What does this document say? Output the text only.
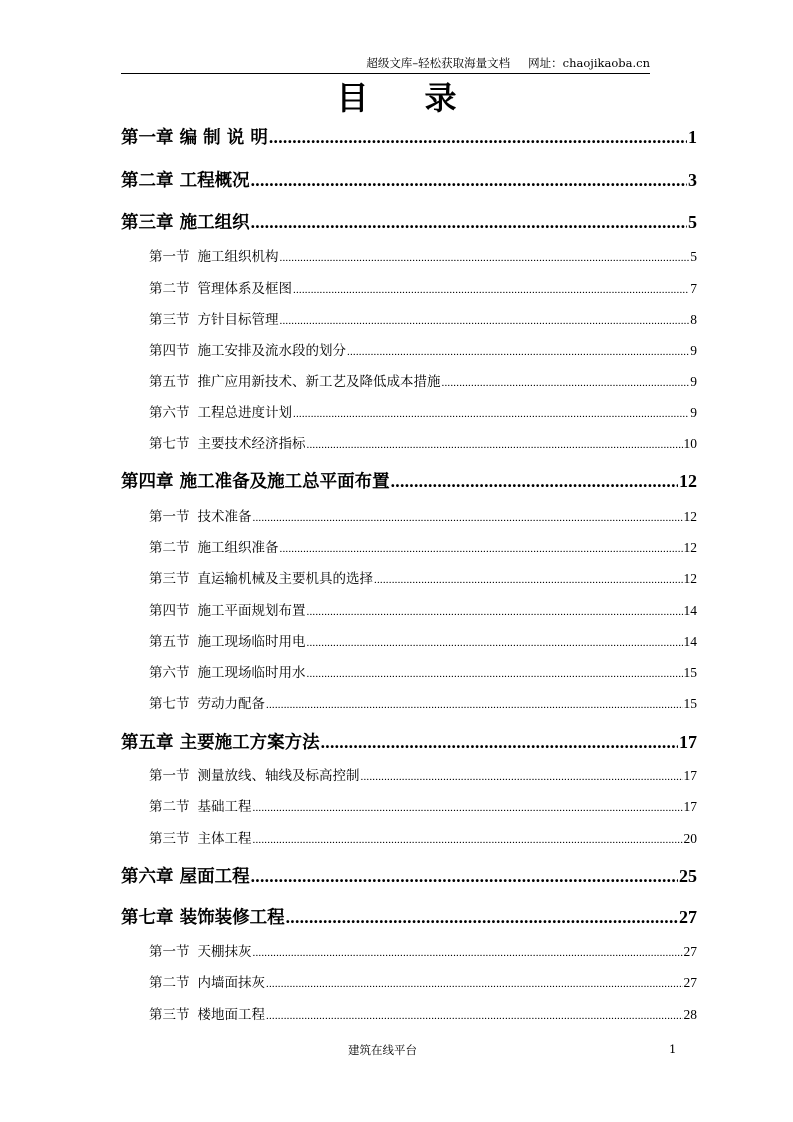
超级文库–轻松获取海量文档 网址：chaojikaoba.cn
目 录
第一章 编 制 说 明 .....	1
第二章 工程概况 .....	3
第三章 施工组织 .....	5
第一节 施工组织机构 .....	5
第二节 管理体系及框图 .....	7
第三节 方针目标管理 .....	8
第四节 施工安排及流水段的划分 .....	9
第五节 推广应用新技术、新工艺及降低成本措施 .....	9
第六节 工程总进度计划 .....	9
第七节 主要技术经济指标 .....	10
第四章 施工准备及施工总平面布置 .....	12
第一节 技术准备 .....	12
第二节 施工组织准备 .....	12
第三节 直运输机械及主要机具的选择 .....	12
第四节 施工平面规划布置 .....	14
第五节 施工现场临时用电 .....	14
第六节 施工现场临时用水 .....	15
第七节 劳动力配备 .....	15
第五章 主要施工方案方法 .....	17
第一节 测量放线、轴线及标高控制 .....	17
第二节 基础工程 .....	17
第三节 主体工程 .....	20
第六章 屋面工程 .....	25
第七章 装饰装修工程 .....	27
第一节 天棚抹灰 .....	27
第二节 内墙面抹灰 .....	27
第三节 楼地面工程 .....	28
建筑在线平台	1
